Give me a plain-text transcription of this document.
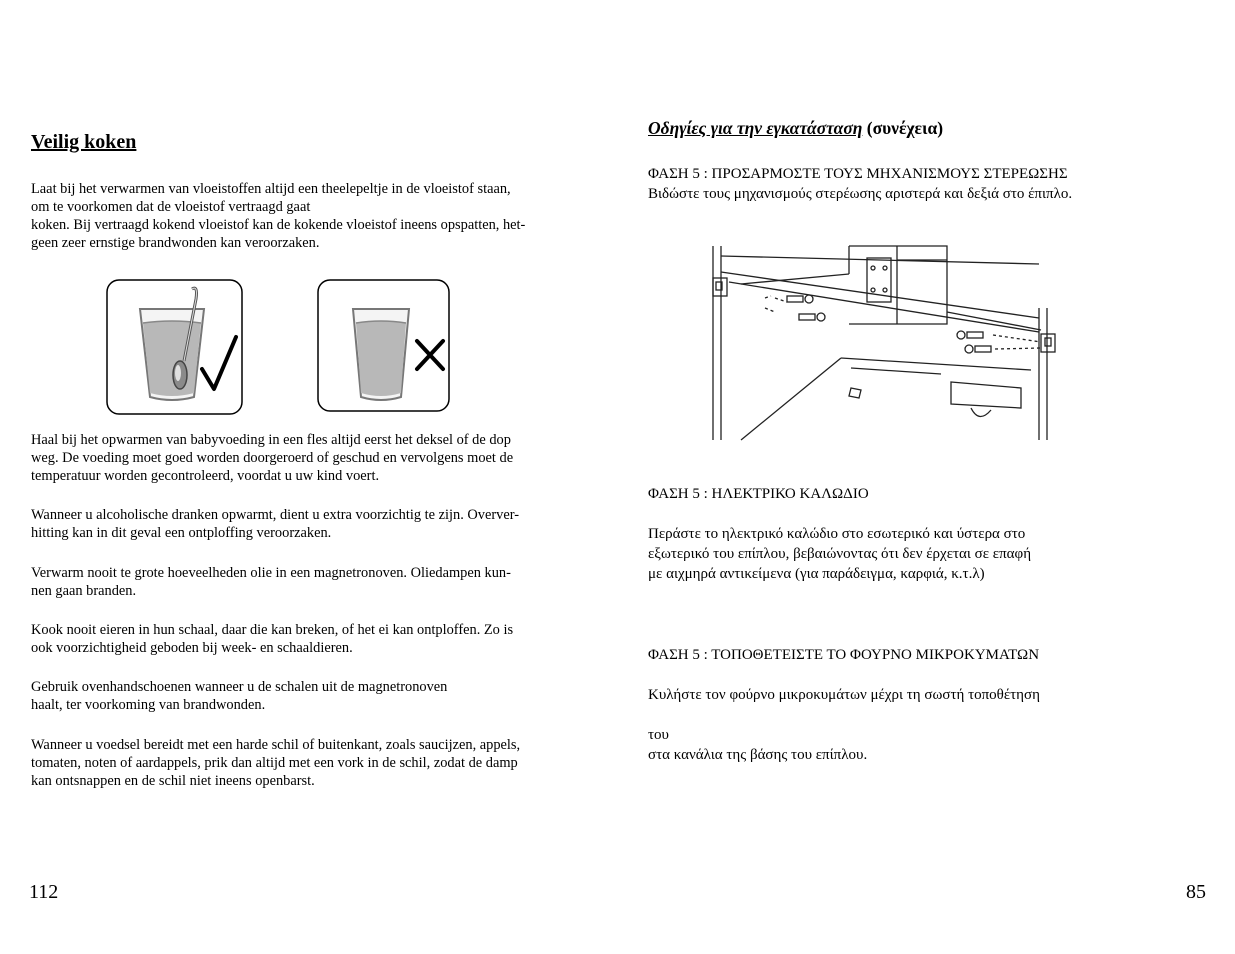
Veilig koken
Laat bij het verwarmen van vloeistoffen altijd een theelepeltje in de vloeistof staan,
om te voorkomen dat de vloeistof vertraagd gaat
koken. Bij vertraagd kokend vloeistof kan de kokende vloeistof ineens opspatten, het-
geen zeer ernstige brandwonden kan veroorzaken.
Haal bij het opwarmen van babyvoeding in een fles altijd eerst het deksel of de dop
weg. De voeding moet goed worden doorgeroerd of geschud en vervolgens moet de
temperatuur worden gecontroleerd, voordat u uw kind voert.
Wanneer u alcoholische dranken opwarmt, dient u extra voorzichtig te zijn. Overver-
hitting kan in dit geval een ontploffing veroorzaken.
Verwarm nooit te grote hoeveelheden olie in een magnetronoven. Oliedampen kun-
nen gaan branden.
Kook nooit eieren in hun schaal, daar die kan breken, of het ei kan ontploffen. Zo is
ook voorzichtigheid geboden bij week- en schaaldieren.
Gebruik ovenhandschoenen wanneer u de schalen uit de magnetronoven
haalt, ter voorkoming van brandwonden.
Wanneer u voedsel bereidt met een harde schil of buitenkant, zoals saucijzen, appels,
tomaten, noten of aardappels, prik dan altijd met een vork in de schil, zodat de damp
kan ontsnappen en de schil niet ineens openbarst.

112

Οδηγίες για την εγκατάσταση (συνέχεια)
ΦΑΣΗ 5 : ΠΡΟΣΑΡΜΟΣΤΕ ΤΟΥΣ ΜΗΧΑΝΙΣΜΟΥΣ ΣΤΕΡΕΩΣΗΣ
Βιδώστε τους μηχανισμούς στερέωσης αριστερά και δεξιά στο έπιπλο.
ΦΑΣΗ 5 : ΗΛΕΚΤΡΙΚΟ ΚΑΛΩΔΙΟ
Περάστε το ηλεκτρικό καλώδιο στο εσωτερικό και ύστερα στο
εξωτερικό του επίπλου, βεβαιώνοντας ότι δεν έρχεται σε επαφή
με αιχμηρά αντικείμενα (για παράδειγμα, καρφιά, κ.τ.λ)
ΦΑΣΗ 5 : ΤΟΠΟΘΕΤΕΙΣΤΕ ΤΟ ΦΟΥΡΝΟ ΜΙΚΡΟΚΥΜΑΤΩΝ
Κυλήστε τον φούρνο μικροκυμάτων μέχρι τη σωστή τοποθέτηση
του
στα κανάλια της βάσης του επίπλου.

85
